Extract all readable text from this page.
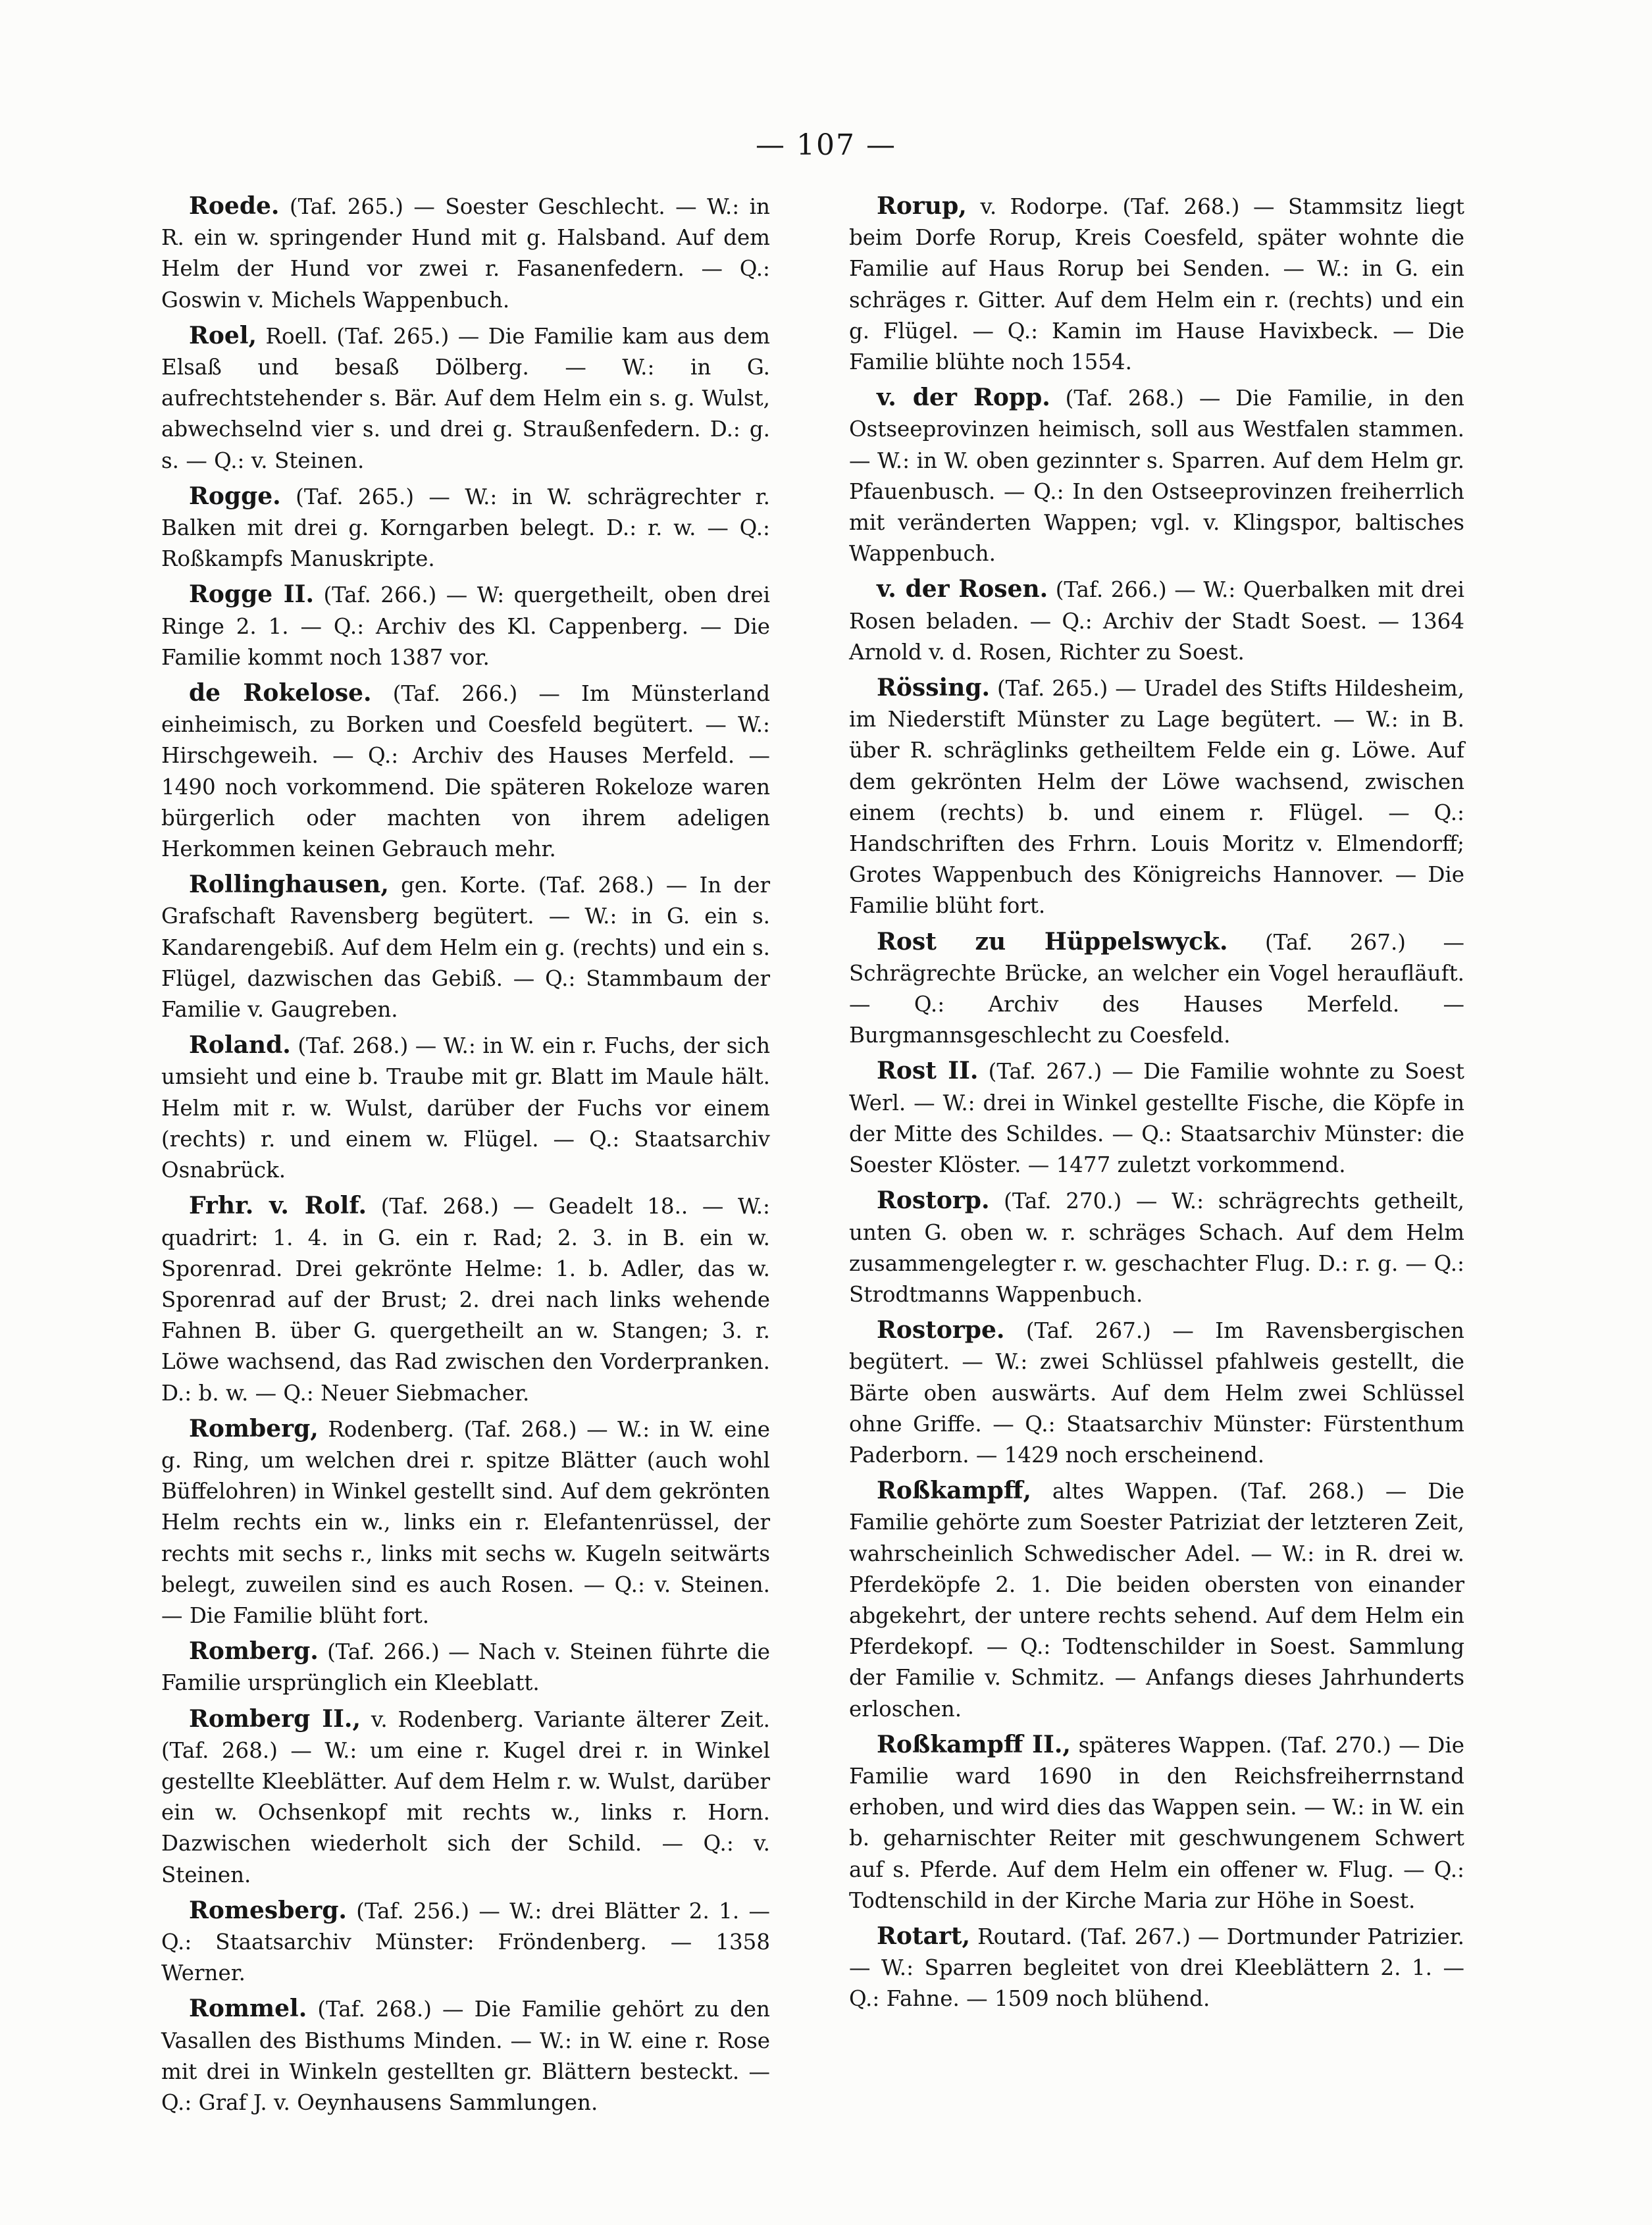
— 107 —

Roede. (Taf. 265.) — Soester Geschlecht. — W.: in R. ein w. springender Hund mit g. Halsband. Auf dem Helm der Hund vor zwei r. Fasanenfedern. — Q.: Goswin v. Michels Wappenbuch.

Roel, Roell. (Taf. 265.) — Die Familie kam aus dem Elsaß und besaß Dölberg. — W.: in G. aufrechtstehender s. Bär. Auf dem Helm ein s. g. Wulst, abwechselnd vier s. und drei g. Straußenfedern. D.: g. s. — Q.: v. Steinen.

Rogge. (Taf. 265.) — W.: in W. schrägrechter r. Balken mit drei g. Korngarben belegt. D.: r. w. — Q.: Roßkampfs Manuskripte.

Rogge II. (Taf. 266.) — W: quergetheilt, oben drei Ringe 2. 1. — Q.: Archiv des Kl. Cappenberg. — Die Familie kommt noch 1387 vor.

de Rokelose. (Taf. 266.) — Im Münsterland einheimisch, zu Borken und Coesfeld begütert. — W.: Hirschgeweih. — Q.: Archiv des Hauses Merfeld. — 1490 noch vorkommend. Die späteren Rokeloze waren bürgerlich oder machten von ihrem adeligen Herkommen keinen Gebrauch mehr.

Rollinghausen, gen. Korte. (Taf. 268.) — In der Grafschaft Ravensberg begütert. — W.: in G. ein s. Kandarengebiß. Auf dem Helm ein g. (rechts) und ein s. Flügel, dazwischen das Gebiß. — Q.: Stammbaum der Familie v. Gaugreben.

Roland. (Taf. 268.) — W.: in W. ein r. Fuchs, der sich umsieht und eine b. Traube mit gr. Blatt im Maule hält. Helm mit r. w. Wulst, darüber der Fuchs vor einem (rechts) r. und einem w. Flügel. — Q.: Staatsarchiv Osnabrück.

Frhr. v. Rolf. (Taf. 268.) — Geadelt 18.. — W.: quadrirt: 1. 4. in G. ein r. Rad; 2. 3. in B. ein w. Sporenrad. Drei gekrönte Helme: 1. b. Adler, das w. Sporenrad auf der Brust; 2. drei nach links wehende Fahnen B. über G. quergetheilt an w. Stangen; 3. r. Löwe wachsend, das Rad zwischen den Vorderpranken. D.: b. w. — Q.: Neuer Siebmacher.

Romberg, Rodenberg. (Taf. 268.) — W.: in W. eine g. Ring, um welchen drei r. spitze Blätter (auch wohl Büffelohren) in Winkel gestellt sind. Auf dem gekrönten Helm rechts ein w., links ein r. Elefantenrüssel, der rechts mit sechs r., links mit sechs w. Kugeln seitwärts belegt, zuweilen sind es auch Rosen. — Q.: v. Steinen. — Die Familie blüht fort.

Romberg. (Taf. 266.) — Nach v. Steinen führte die Familie ursprünglich ein Kleeblatt.

Romberg II., v. Rodenberg. Variante älterer Zeit. (Taf. 268.) — W.: um eine r. Kugel drei r. in Winkel gestellte Kleeblätter. Auf dem Helm r. w. Wulst, darüber ein w. Ochsenkopf mit rechts w., links r. Horn. Dazwischen wiederholt sich der Schild. — Q.: v. Steinen.

Romesberg. (Taf. 256.) — W.: drei Blätter 2. 1. — Q.: Staatsarchiv Münster: Fröndenberg. — 1358 Werner.

Rommel. (Taf. 268.) — Die Familie gehört zu den Vasallen des Bisthums Minden. — W.: in W. eine r. Rose mit drei in Winkeln gestellten gr. Blättern besteckt. — Q.: Graf J. v. Oeynhausens Sammlungen.

Rorup, v. Rodorpe. (Taf. 268.) — Stammsitz liegt beim Dorfe Rorup, Kreis Coesfeld, später wohnte die Familie auf Haus Rorup bei Senden. — W.: in G. ein schräges r. Gitter. Auf dem Helm ein r. (rechts) und ein g. Flügel. — Q.: Kamin im Hause Havixbeck. — Die Familie blühte noch 1554.

v. der Ropp. (Taf. 268.) — Die Familie, in den Ostseeprovinzen heimisch, soll aus Westfalen stammen. — W.: in W. oben gezinnter s. Sparren. Auf dem Helm gr. Pfauenbusch. — Q.: In den Ostseeprovinzen freiherrlich mit veränderten Wappen; vgl. v. Klingspor, baltisches Wappenbuch.

v. der Rosen. (Taf. 266.) — W.: Querbalken mit drei Rosen beladen. — Q.: Archiv der Stadt Soest. — 1364 Arnold v. d. Rosen, Richter zu Soest.

Rössing. (Taf. 265.) — Uradel des Stifts Hildesheim, im Niederstift Münster zu Lage begütert. — W.: in B. über R. schräglinks getheiltem Felde ein g. Löwe. Auf dem gekrönten Helm der Löwe wachsend, zwischen einem (rechts) b. und einem r. Flügel. — Q.: Handschriften des Frhrn. Louis Moritz v. Elmendorff; Grotes Wappenbuch des Königreichs Hannover. — Die Familie blüht fort.

Rost zu Hüppelswyck. (Taf. 267.) — Schrägrechte Brücke, an welcher ein Vogel heraufläuft. — Q.: Archiv des Hauses Merfeld. — Burgmannsgeschlecht zu Coesfeld.

Rost II. (Taf. 267.) — Die Familie wohnte zu Soest Werl. — W.: drei in Winkel gestellte Fische, die Köpfe in der Mitte des Schildes. — Q.: Staatsarchiv Münster: die Soester Klöster. — 1477 zuletzt vorkommend.

Rostorp. (Taf. 270.) — W.: schrägrechts getheilt, unten G. oben w. r. schräges Schach. Auf dem Helm zusammengelegter r. w. geschachter Flug. D.: r. g. — Q.: Strodtmanns Wappenbuch.

Rostorpe. (Taf. 267.) — Im Ravensbergischen begütert. — W.: zwei Schlüssel pfahlweis gestellt, die Bärte oben auswärts. Auf dem Helm zwei Schlüssel ohne Griffe. — Q.: Staatsarchiv Münster: Fürstenthum Paderborn. — 1429 noch erscheinend.

Roßkampff, altes Wappen. (Taf. 268.) — Die Familie gehörte zum Soester Patriziat der letzteren Zeit, wahrscheinlich Schwedischer Adel. — W.: in R. drei w. Pferdeköpfe 2. 1. Die beiden obersten von einander abgekehrt, der untere rechts sehend. Auf dem Helm ein Pferdekopf. — Q.: Todtenschilder in Soest. Sammlung der Familie v. Schmitz. — Anfangs dieses Jahrhunderts erloschen.

Roßkampff II., späteres Wappen. (Taf. 270.) — Die Familie ward 1690 in den Reichsfreiherrnstand erhoben, und wird dies das Wappen sein. — W.: in W. ein b. geharnischter Reiter mit geschwungenem Schwert auf s. Pferde. Auf dem Helm ein offener w. Flug. — Q.: Todtenschild in der Kirche Maria zur Höhe in Soest.

Rotart, Routard. (Taf. 267.) — Dortmunder Patrizier. — W.: Sparren begleitet von drei Kleeblättern 2. 1. — Q.: Fahne. — 1509 noch blühend.
